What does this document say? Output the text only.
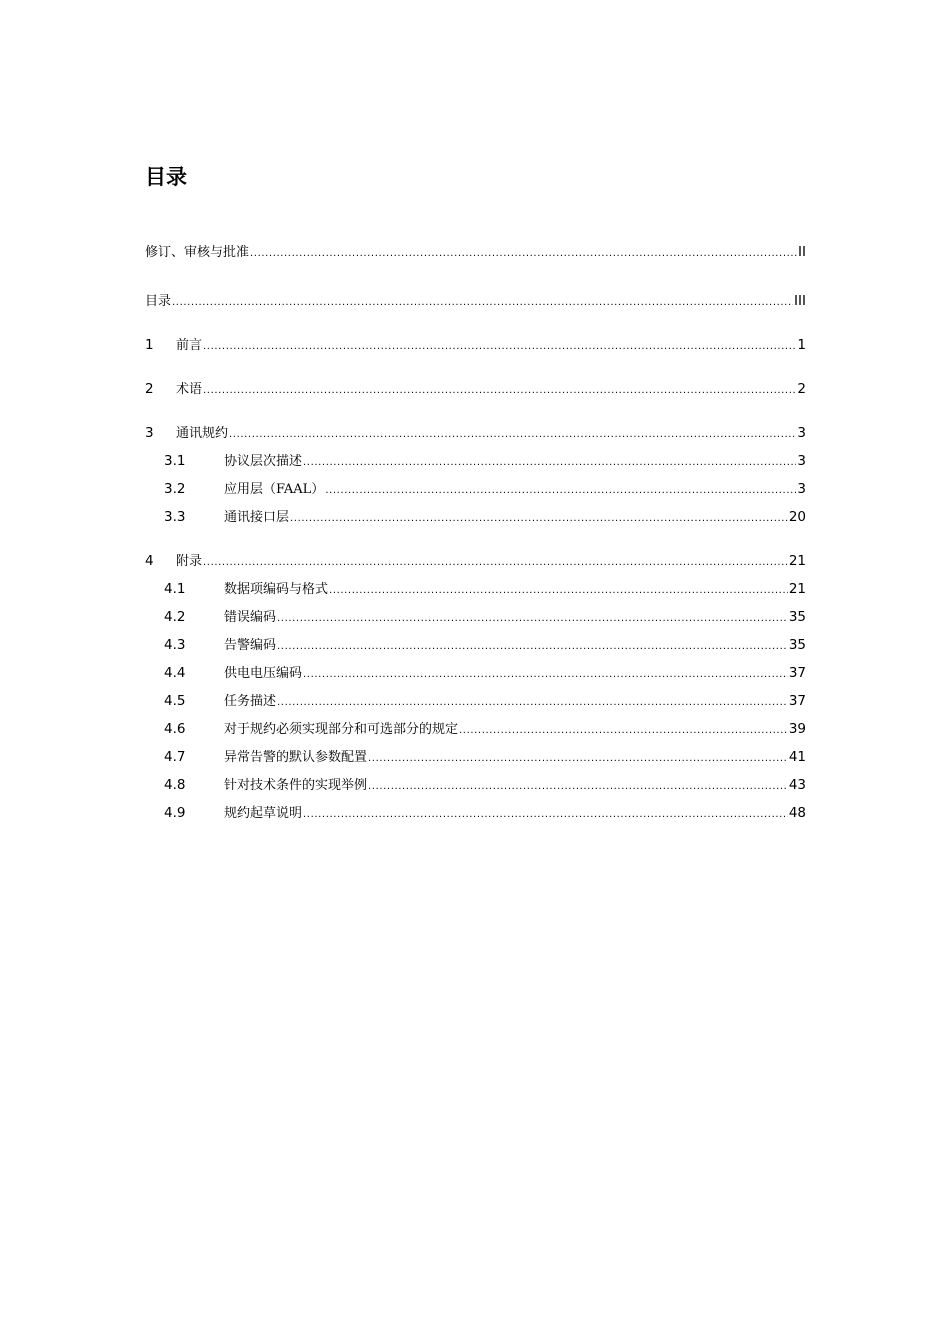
目录
修订、审核与批准 .....	II
目录 .....	III
1	前言 .....	1
2	术语 .....	2
3	通讯规约 .....	3
3.1	协议层次描述 .....	3
3.2	应用层（FAAL） .....	3
3.3	通讯接口层 .....	20
4	附录 .....	21
4.1	数据项编码与格式 .....	21
4.2	错误编码 .....	35
4.3	告警编码 .....	35
4.4	供电电压编码 .....	37
4.5	任务描述 .....	37
4.6	对于规约必须实现部分和可选部分的规定 .....	39
4.7	异常告警的默认参数配置 .....	41
4.8	针对技术条件的实现举例 .....	43
4.9	规约起草说明 .....	48
